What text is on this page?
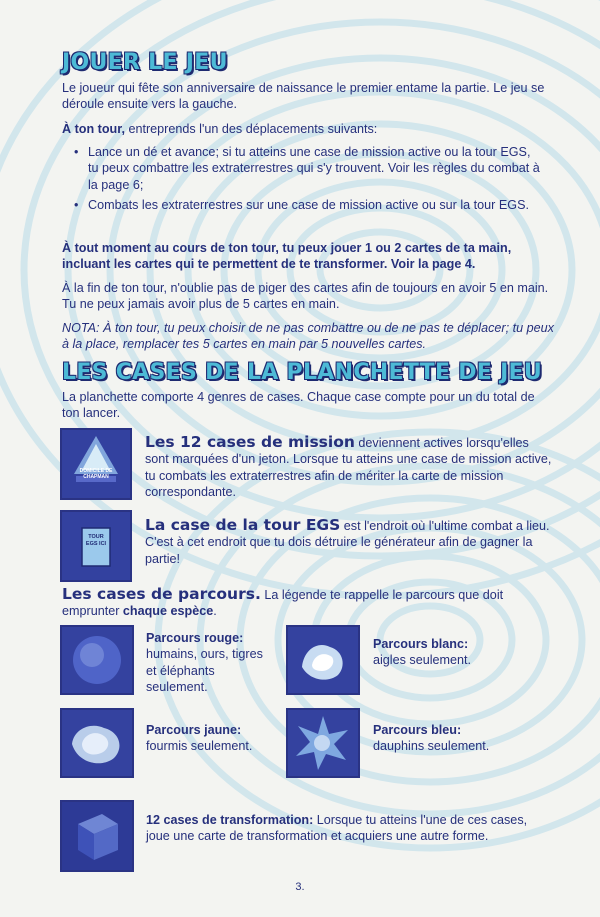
JOUER LE JEU

Le joueur qui fête son anniversaire de naissance le premier entame la partie. Le jeu se déroule ensuite vers la gauche.

À ton tour, entreprends l'un des déplacements suivants:

• Lance un dé et avance; si tu atteins une case de mission active ou la tour EGS, tu peux combattre les extraterrestres qui s'y trouvent. Voir les règles du combat à la page 6;
• Combats les extraterrestres sur une case de mission active ou sur la tour EGS.

À tout moment au cours de ton tour, tu peux jouer 1 ou 2 cartes de ta main, incluant les cartes qui te permettent de te transformer. Voir la page 4.

À la fin de ton tour, n'oublie pas de piger des cartes afin de toujours en avoir 5 en main. Tu ne peux jamais avoir plus de 5 cartes en main.

NOTA: À ton tour, tu peux choisir de ne pas combattre ou de ne pas te déplacer; tu peux à la place, remplacer tes 5 cartes en main par 5 nouvelles cartes.

LES CASES DE LA PLANCHETTE DE JEU

La planchette comporte 4 genres de cases. Chaque case compte pour un du total de ton lancer.

DOMICILE DE CHAPMAN

Les 12 cases de mission deviennent actives lorsqu'elles sont marquées d'un jeton. Lorsque tu atteins une case de mission active, tu combats les extraterrestres afin de mériter la carte de mission correspondante.

TOUR EGS ICI

La case de la tour EGS est l'endroit où l'ultime combat a lieu. C'est à cet endroit que tu dois détruire le générateur afin de gagner la partie!

Les cases de parcours. La légende te rappelle le parcours que doit emprunter chaque espèce.

Parcours rouge:
humains, ours, tigres et éléphants seulement.

Parcours blanc:
aigles seulement.

Parcours jaune:
fourmis seulement.

Parcours bleu:
dauphins seulement.

12 cases de transformation: Lorsque tu atteins l'une de ces cases, joue une carte de transformation et acquiers une autre forme.

3.
